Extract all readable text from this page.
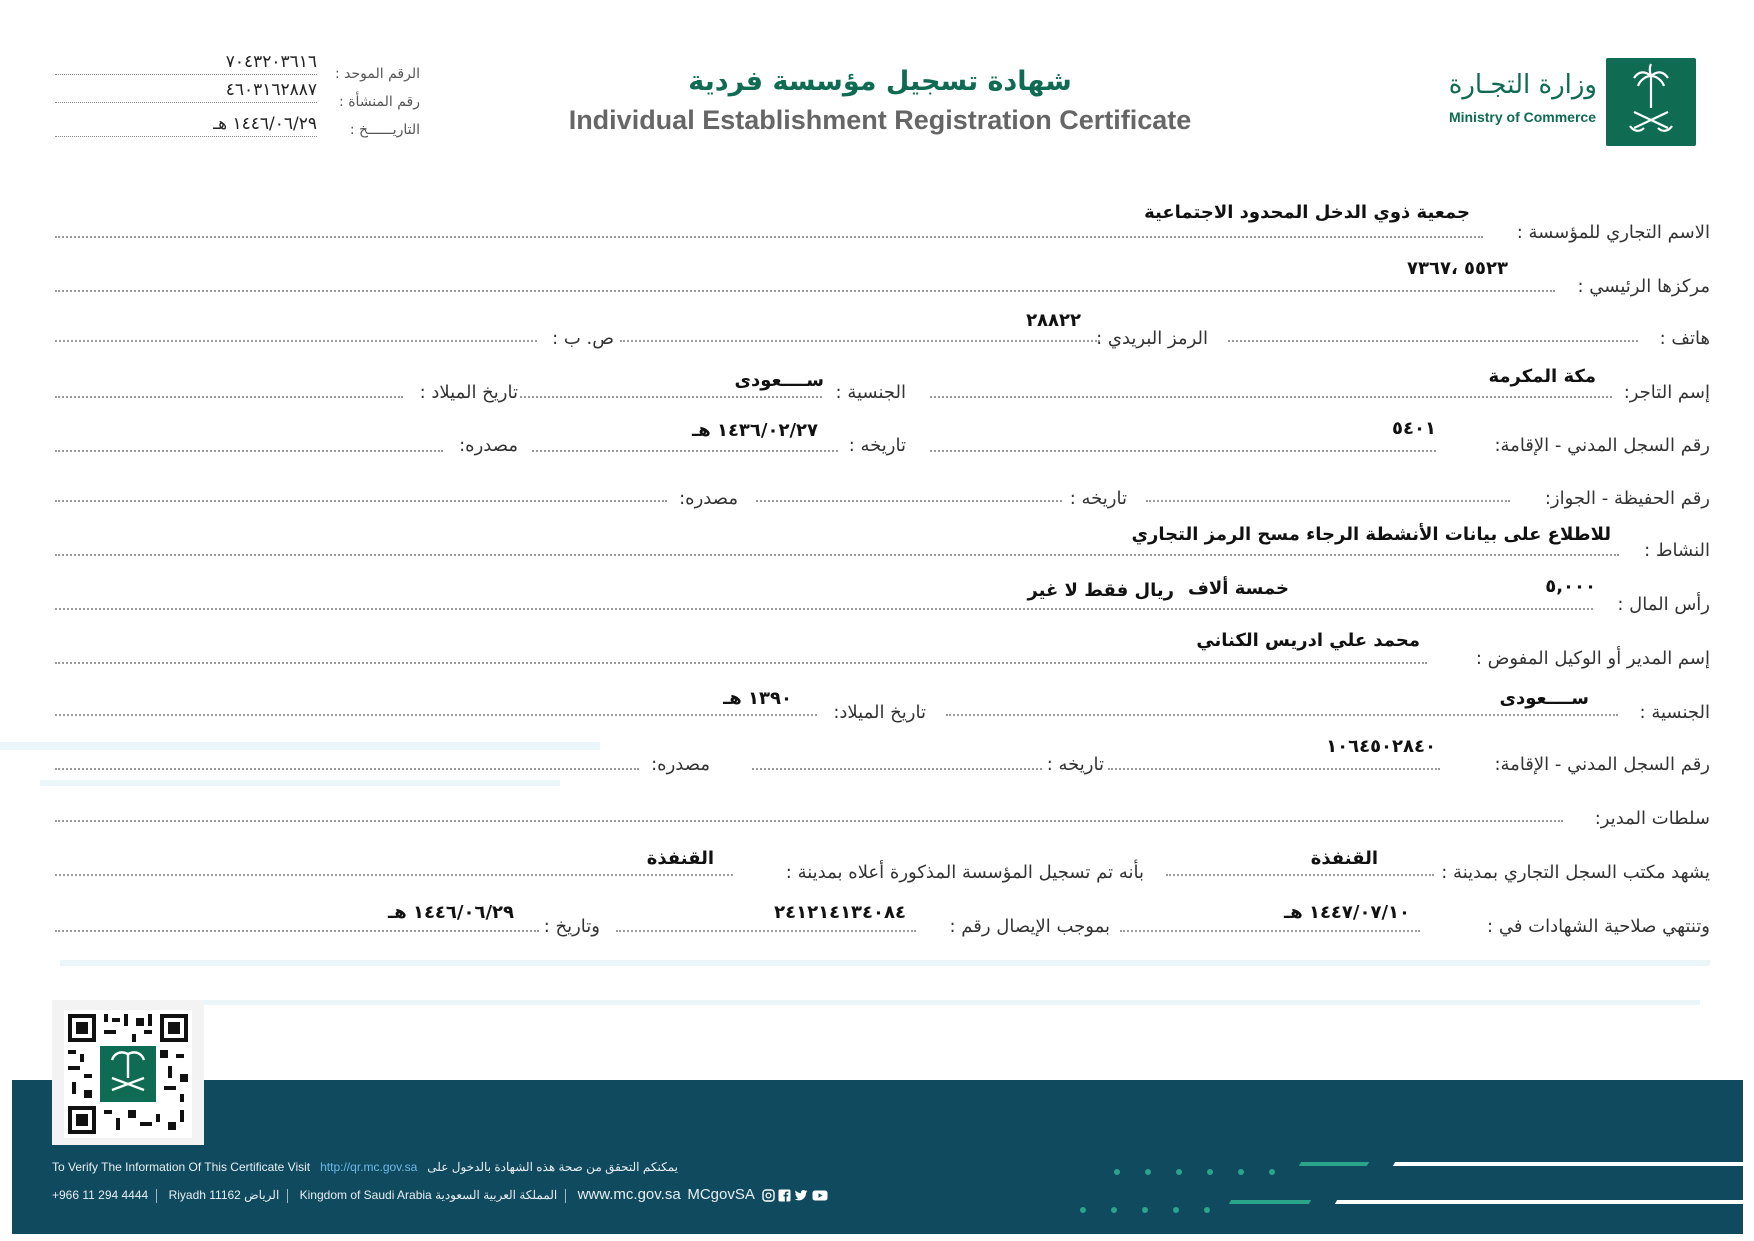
وزارة التجـارة
Ministry of Commerce
شهادة تسجيل مؤسسة فردية
Individual Establishment Registration Certificate
الرقم الموحد :
٧٠٤٣٢٠٣٦١٦
رقم المنشأة :
٤٦٠٣١٦٢٨٨٧
التاريــــــخ :
١٤٤٦/٠٦/٢٩ هـ
الاسم التجاري للمؤسسة :
جمعية ذوي الدخل المحدود الاجتماعية
مركزها الرئيسي :
٥٥٢٣ ،٧٣٦٧
هاتف :
الرمز البريدي :
٢٨٨٢٢
ص. ب :
إسم التاجر:
مكة المكرمة
الجنسية :
ســــعودى
تاريخ الميلاد :
رقم السجل المدني - الإقامة:
٥٤٠١
تاريخه :
١٤٣٦/٠٢/٢٧ هـ
مصدره:
رقم الحفيظة - الجواز:
تاريخه :
مصدره:
النشاط :
للاطلاع على بيانات الأنشطة الرجاء مسح الرمز التجاري
رأس المال :
٥,٠٠٠
خمسة ألاف
ريال فقط لا غير
إسم المدير أو الوكيل المفوض :
محمد علي ادريس الكناني
الجنسية :
ســــعودى
تاريخ الميلاد:
١٣٩٠ هـ
رقم السجل المدني - الإقامة:
١٠٦٤٥٠٢٨٤٠
تاريخه :
مصدره:
سلطات المدير:
يشهد مكتب السجل التجاري بمدينة :
القنفذة
بأنه تم تسجيل المؤسسة المذكورة أعلاه بمدينة :
القنفذة
وتنتهي صلاحية الشهادات في :
١٤٤٧/٠٧/١٠ هـ
بموجب الإيصال رقم :
٢٤١٢١٤١٣٤٠٨٤
وتاريخ :
١٤٤٦/٠٦/٢٩ هـ
To Verify The Information Of This Certificate Visit http://qr.mc.gov.sa يمكنكم التحقق من صحة هذه الشهادة بالدخول على
+966 11 294 4444 Riyadh 11162 الرياض Kingdom of Saudi Arabia المملكة العربية السعودية www.mc.gov.sa MCgovSA
